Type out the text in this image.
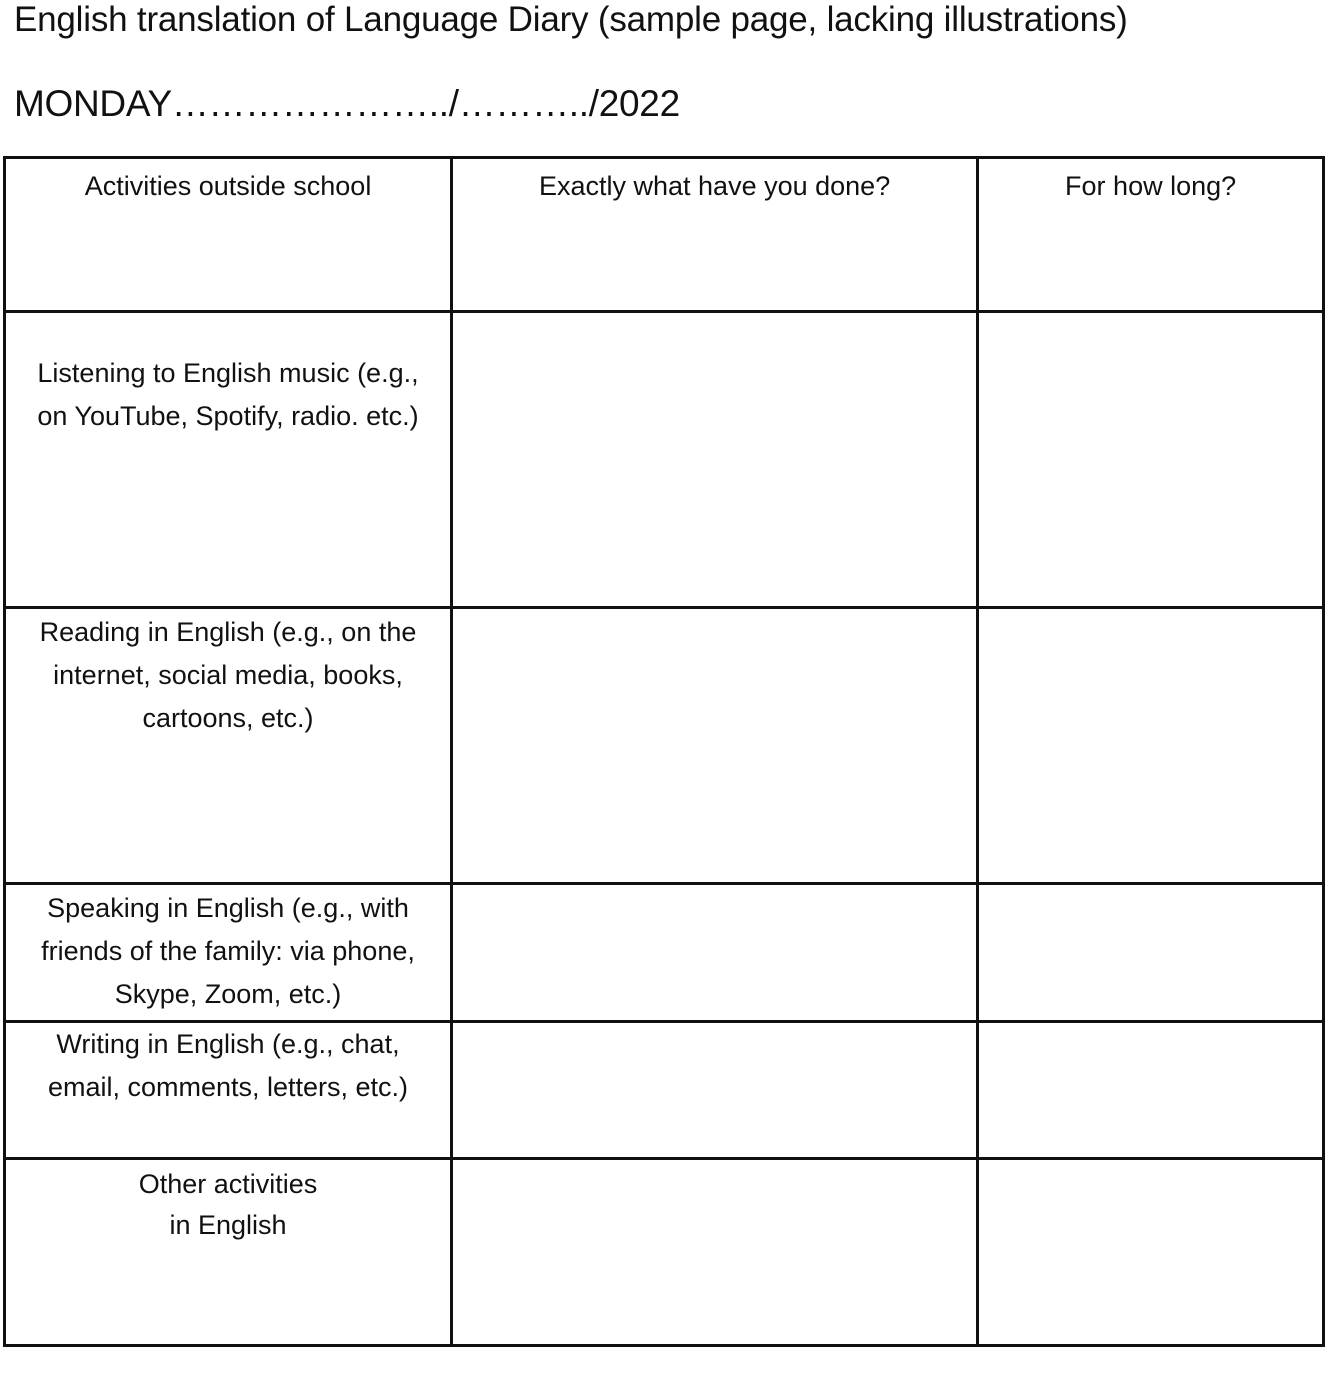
English translation of Language Diary (sample page, lacking illustrations)

MONDAY…………………../………../2022

Activities outside school	Exactly what have you done?	For how long?

Listening to English music (e.g., on YouTube, Spotify, radio. etc.)		

Reading in English (e.g., on the internet, social media, books, cartoons, etc.)		

Speaking in English (e.g., with friends of the family: via phone, Skype, Zoom, etc.)		

Writing in English (e.g., chat, email, comments, letters, etc.)		

Other activities in English		
